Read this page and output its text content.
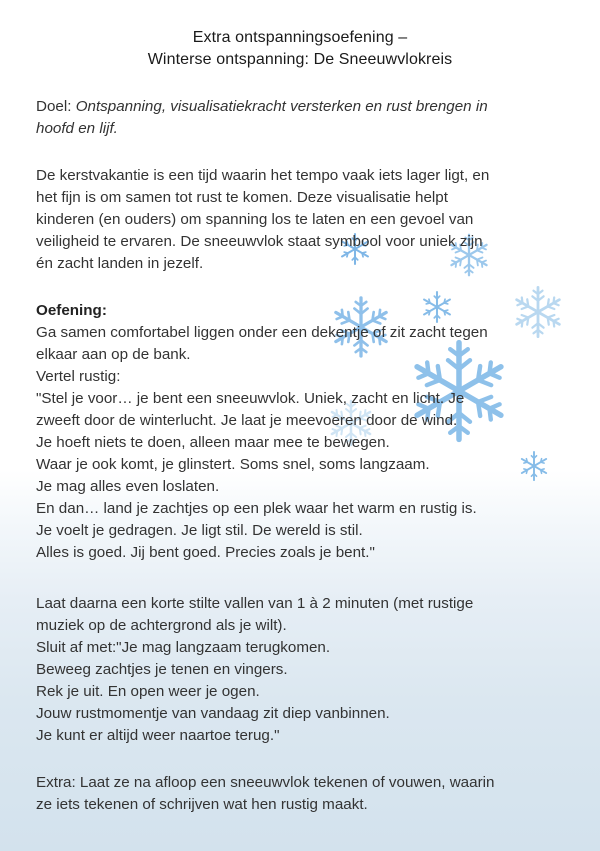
Extra ontspanningsoefening –
Winterse ontspanning: De Sneeuwvlokreis
Doel: Ontspanning, visualisatiekracht versterken en rust brengen in
hoofd en lijf.
De kerstvakantie is een tijd waarin het tempo vaak iets lager ligt, en
het fijn is om samen tot rust te komen. Deze visualisatie helpt
kinderen (en ouders) om spanning los te laten en een gevoel van
veiligheid te ervaren. De sneeuwvlok staat symbool voor uniek zijn
én zacht landen in jezelf.
Oefening:
Ga samen comfortabel liggen onder een dekentje of zit zacht tegen
elkaar aan op de bank.
Vertel rustig:
"Stel je voor… je bent een sneeuwvlok. Uniek, zacht en licht. Je
zweeft door de winterlucht. Je laat je meevoeren door de wind.
Je hoeft niets te doen, alleen maar mee te bewegen.
Waar je ook komt, je glinstert. Soms snel, soms langzaam.
Je mag alles even loslaten.
En dan… land je zachtjes op een plek waar het warm en rustig is.
Je voelt je gedragen. Je ligt stil. De wereld is stil.
Alles is goed. Jij bent goed. Precies zoals je bent."
Laat daarna een korte stilte vallen van 1 à 2 minuten (met rustige
muziek op de achtergrond als je wilt).
Sluit af met:"Je mag langzaam terugkomen.
Beweeg zachtjes je tenen en vingers.
Rek je uit. En open weer je ogen.
Jouw rustmomentje van vandaag zit diep vanbinnen.
Je kunt er altijd weer naartoe terug."
Extra: Laat ze na afloop een sneeuwvlok tekenen of vouwen, waarin
ze iets tekenen of schrijven wat hen rustig maakt.
